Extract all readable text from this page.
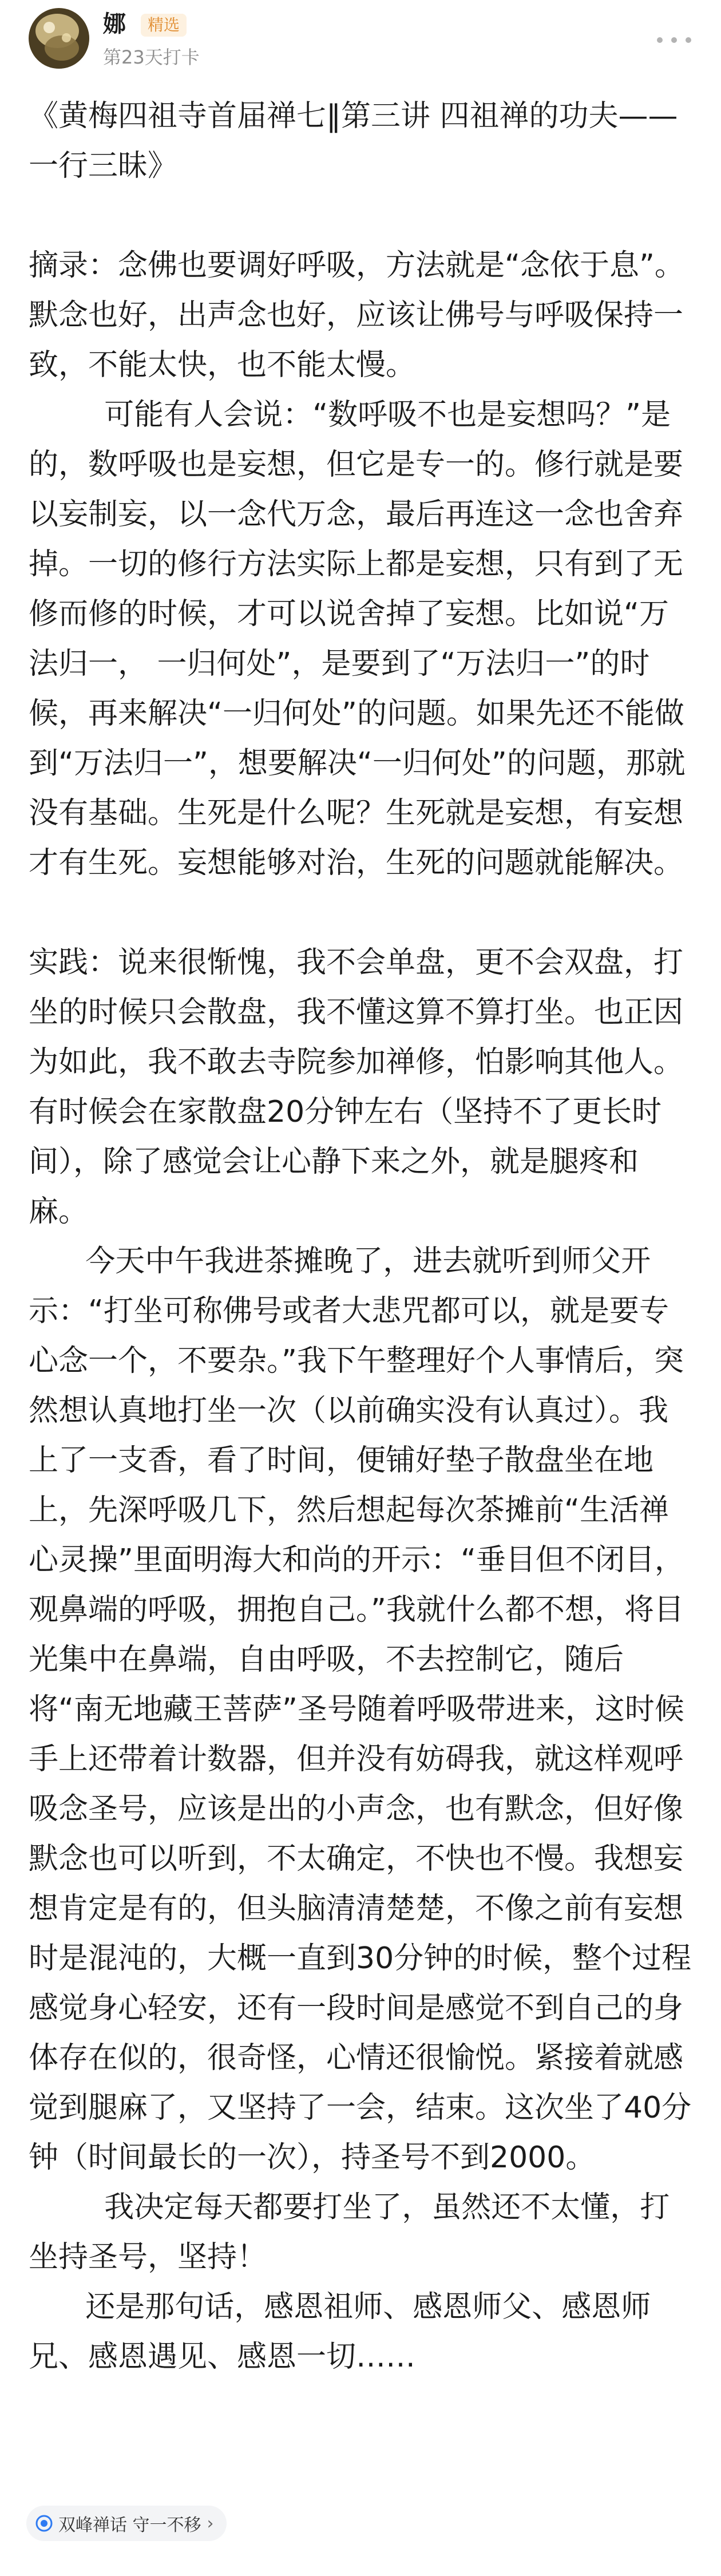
娜	精选
第23天打卡

《黄梅四祖寺首届禅七‖第三讲 四祖禅的功夫——一行三昧》

摘录：念佛也要调好呼吸，方法就是“念依于息”。默念也好，出声念也好，应该让佛号与呼吸保持一致，不能太快，也不能太慢。

可能有人会说：“数呼吸不也是妄想吗？”是的，数呼吸也是妄想，但它是专一的。修行就是要以妄制妄，以一念代万念，最后再连这一念也舍弃掉。一切的修行方法实际上都是妄想，只有到了无修而修的时候，才可以说舍掉了妄想。比如说“万法归一， 一归何处”，是要到了“万法归一”的时候，再来解决“一归何处”的问题。如果先还不能做到“万法归一”，想要解决“一归何处”的问题，那就没有基础。生死是什么呢？生死就是妄想，有妄想才有生死。妄想能够对治，生死的问题就能解决。

实践：说来很惭愧，我不会单盘，更不会双盘，打坐的时候只会散盘，我不懂这算不算打坐。也正因为如此，我不敢去寺院参加禅修，怕影响其他人。有时候会在家散盘20分钟左右（坚持不了更长时间），除了感觉会让心静下来之外，就是腿疼和麻。

今天中午我进茶摊晚了，进去就听到师父开示：“打坐可称佛号或者大悲咒都可以，就是要专心念一个，不要杂。”我下午整理好个人事情后，突然想认真地打坐一次（以前确实没有认真过）。我上了一支香，看了时间，便铺好垫子散盘坐在地上，先深呼吸几下，然后想起每次茶摊前“生活禅心灵操”里面明海大和尚的开示：“垂目但不闭目，观鼻端的呼吸，拥抱自己。”我就什么都不想，将目光集中在鼻端，自由呼吸，不去控制它，随后将“南无地藏王菩萨”圣号随着呼吸带进来，这时候手上还带着计数器，但并没有妨碍我，就这样观呼吸念圣号，应该是出的小声念，也有默念，但好像默念也可以听到，不太确定，不快也不慢。我想妄想肯定是有的，但头脑清清楚楚，不像之前有妄想时是混沌的，大概一直到30分钟的时候，整个过程感觉身心轻安，还有一段时间是感觉不到自己的身体存在似的，很奇怪，心情还很愉悦。紧接着就感觉到腿麻了，又坚持了一会，结束。这次坐了40分钟（时间最长的一次），持圣号不到2000。

我决定每天都要打坐了，虽然还不太懂，打坐持圣号，坚持！

还是那句话，感恩祖师、感恩师父、感恩师兄、感恩遇见、感恩一切……

双峰禅话 守一不移 ›
